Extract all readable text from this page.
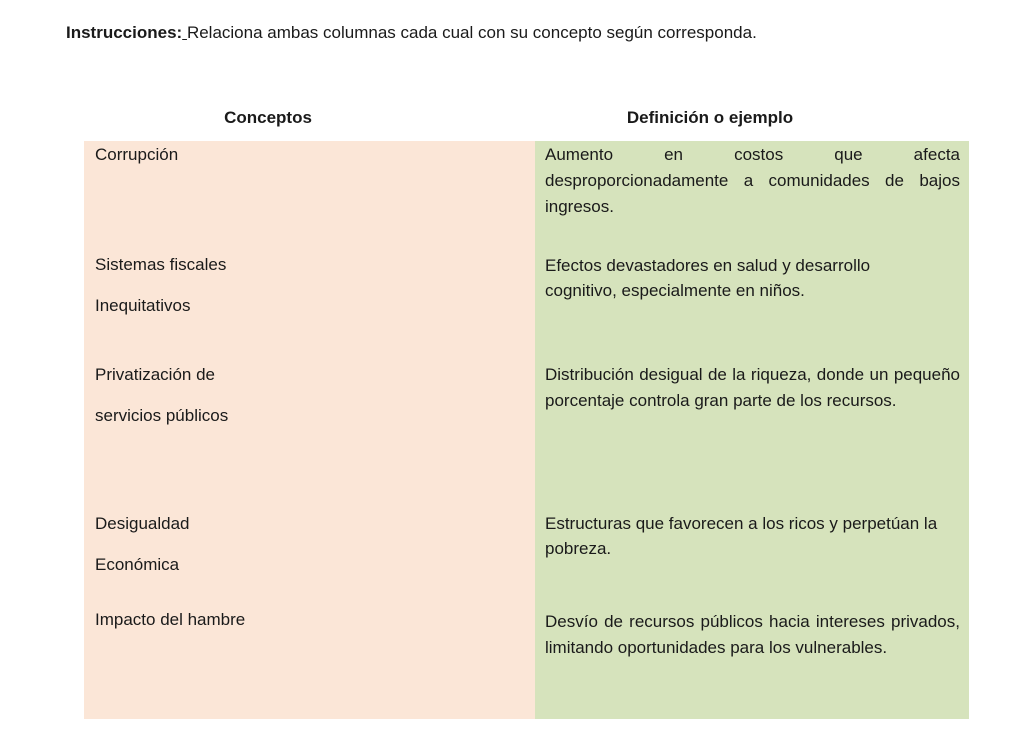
Instrucciones: Relaciona ambas columnas cada cual con su concepto según corresponda.
Conceptos	Definición o ejemplo
Corrupción
Sistemas fiscales
Inequitativos
Privatización de
servicios públicos
Desigualdad
Económica
Impacto del hambre
Aumento en costos que afecta desproporcionadamente a comunidades de bajos ingresos.
Efectos devastadores en salud y desarrollo cognitivo, especialmente en niños.
Distribución desigual de la riqueza, donde un pequeño porcentaje controla gran parte de los recursos.
Estructuras que favorecen a los ricos y perpetúan la pobreza.
Desvío de recursos públicos hacia intereses privados, limitando oportunidades para los vulnerables.
